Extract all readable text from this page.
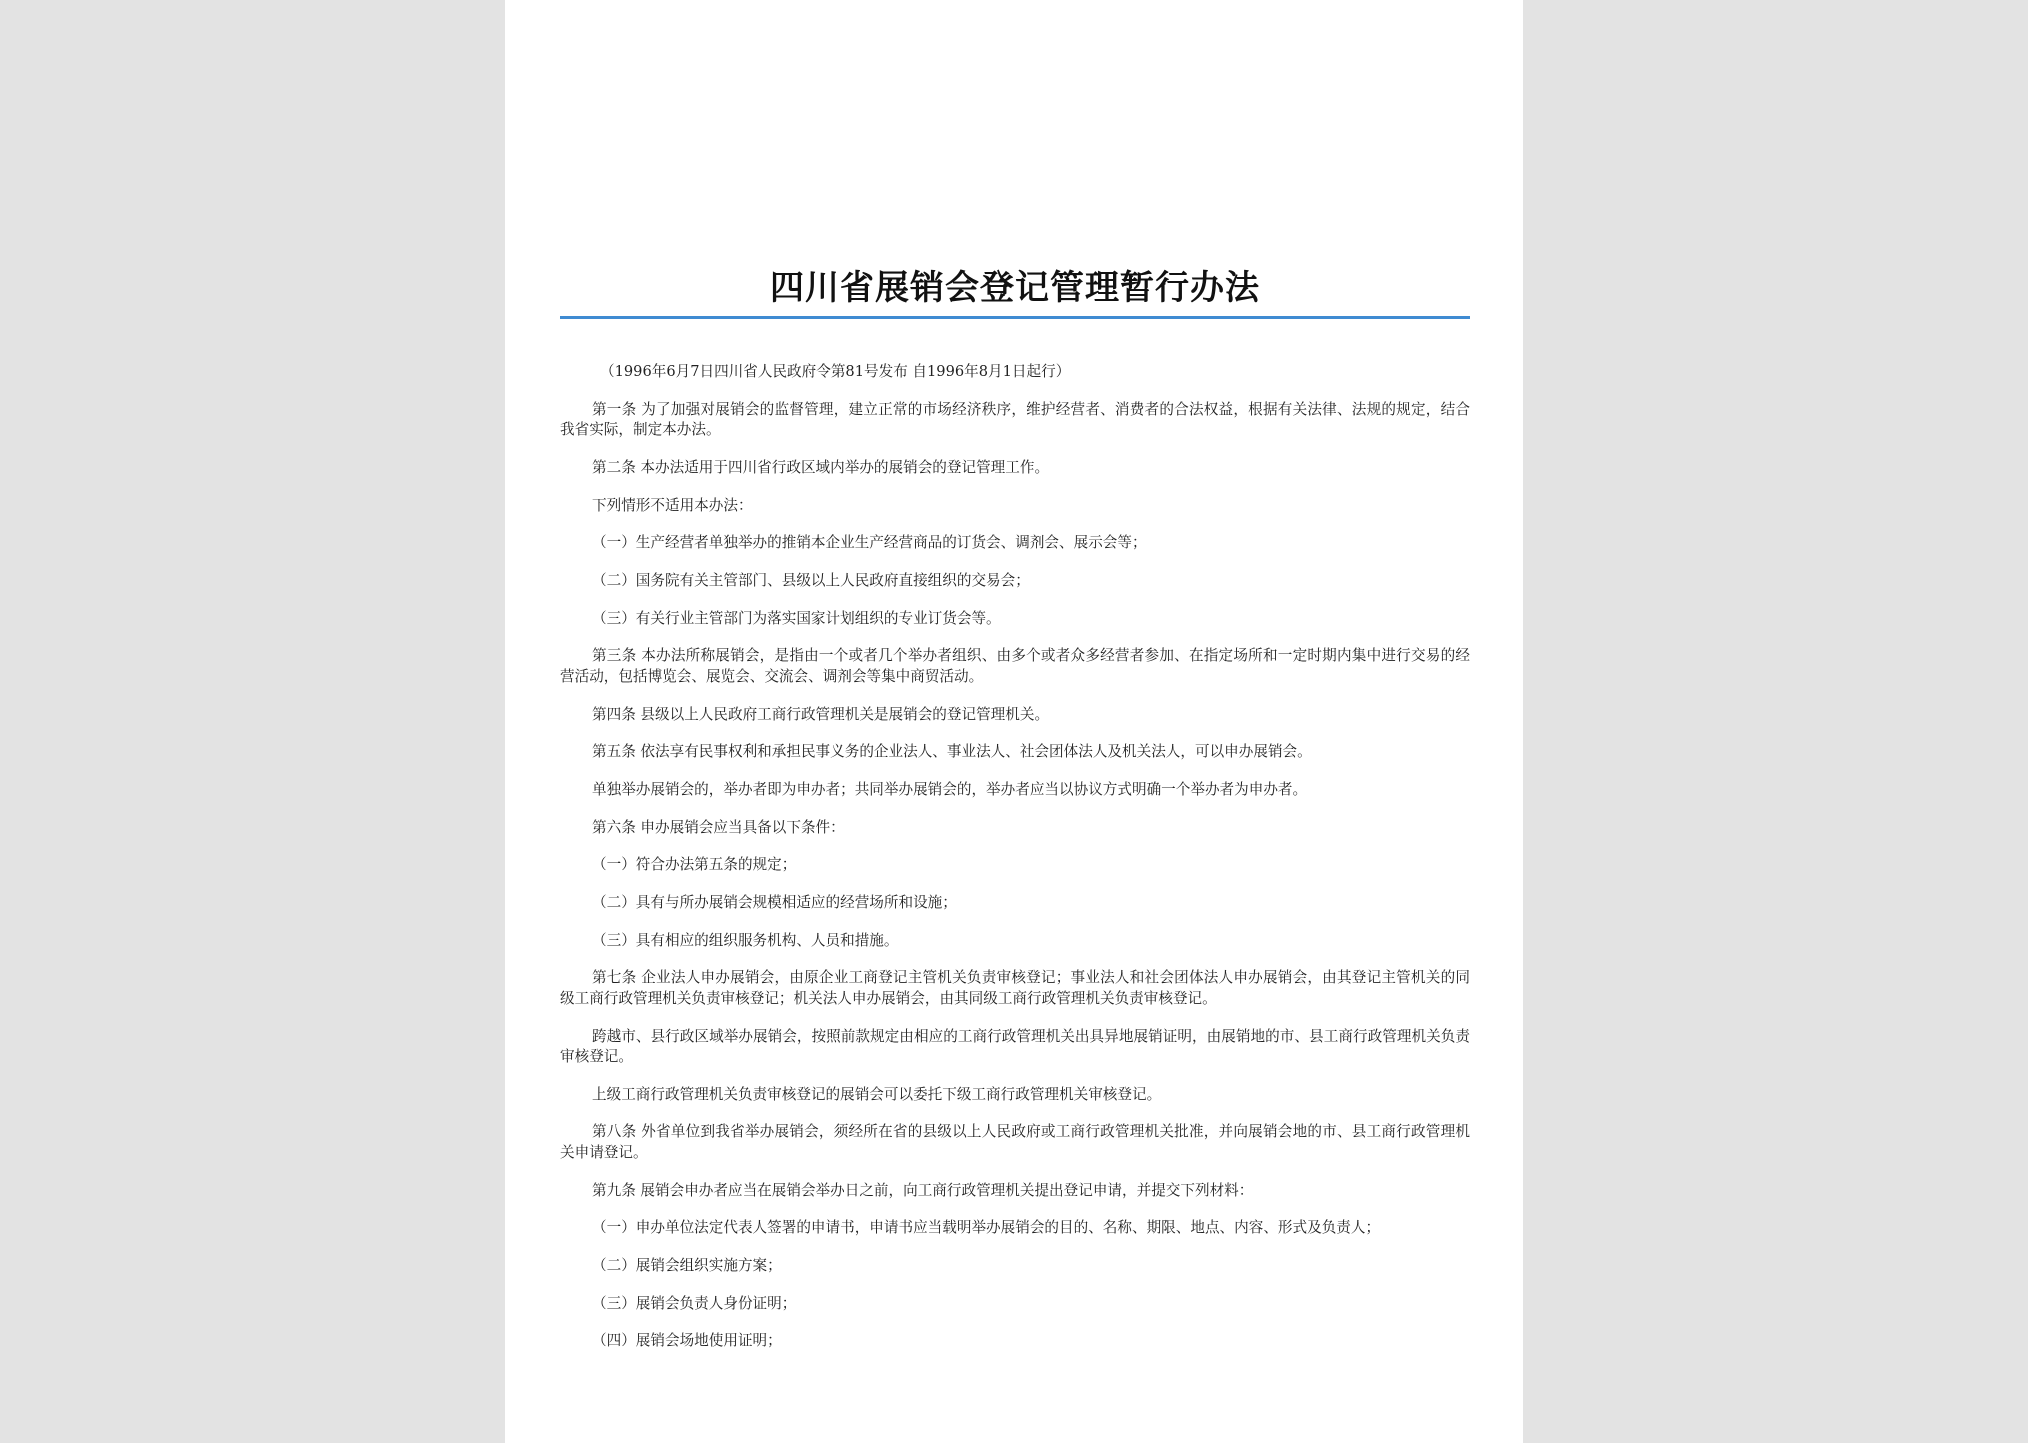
四川省展销会登记管理暂行办法

（1996年6月7日四川省人民政府令第81号发布 自1996年8月1日起行）

第一条 为了加强对展销会的监督管理，建立正常的市场经济秩序，维护经营者、消费者的合法权益，根据有关法律、法规的规定，结合我省实际，制定本办法。

第二条 本办法适用于四川省行政区域内举办的展销会的登记管理工作。

下列情形不适用本办法：

（一）生产经营者单独举办的推销本企业生产经营商品的订货会、调剂会、展示会等；

（二）国务院有关主管部门、县级以上人民政府直接组织的交易会；

（三）有关行业主管部门为落实国家计划组织的专业订货会等。

第三条 本办法所称展销会，是指由一个或者几个举办者组织、由多个或者众多经营者参加、在指定场所和一定时期内集中进行交易的经营活动，包括博览会、展览会、交流会、调剂会等集中商贸活动。

第四条 县级以上人民政府工商行政管理机关是展销会的登记管理机关。

第五条 依法享有民事权利和承担民事义务的企业法人、事业法人、社会团体法人及机关法人，可以申办展销会。

单独举办展销会的，举办者即为申办者；共同举办展销会的，举办者应当以协议方式明确一个举办者为申办者。

第六条 申办展销会应当具备以下条件：

（一）符合办法第五条的规定；

（二）具有与所办展销会规模相适应的经营场所和设施；

（三）具有相应的组织服务机构、人员和措施。

第七条 企业法人申办展销会，由原企业工商登记主管机关负责审核登记；事业法人和社会团体法人申办展销会，由其登记主管机关的同级工商行政管理机关负责审核登记；机关法人申办展销会，由其同级工商行政管理机关负责审核登记。

跨越市、县行政区域举办展销会，按照前款规定由相应的工商行政管理机关出具异地展销证明，由展销地的市、县工商行政管理机关负责审核登记。

上级工商行政管理机关负责审核登记的展销会可以委托下级工商行政管理机关审核登记。

第八条 外省单位到我省举办展销会，须经所在省的县级以上人民政府或工商行政管理机关批准，并向展销会地的市、县工商行政管理机关申请登记。

第九条 展销会申办者应当在展销会举办日之前，向工商行政管理机关提出登记申请，并提交下列材料：

（一）申办单位法定代表人签署的申请书，申请书应当载明举办展销会的目的、名称、期限、地点、内容、形式及负责人；

（二）展销会组织实施方案；

（三）展销会负责人身份证明；

（四）展销会场地使用证明；
